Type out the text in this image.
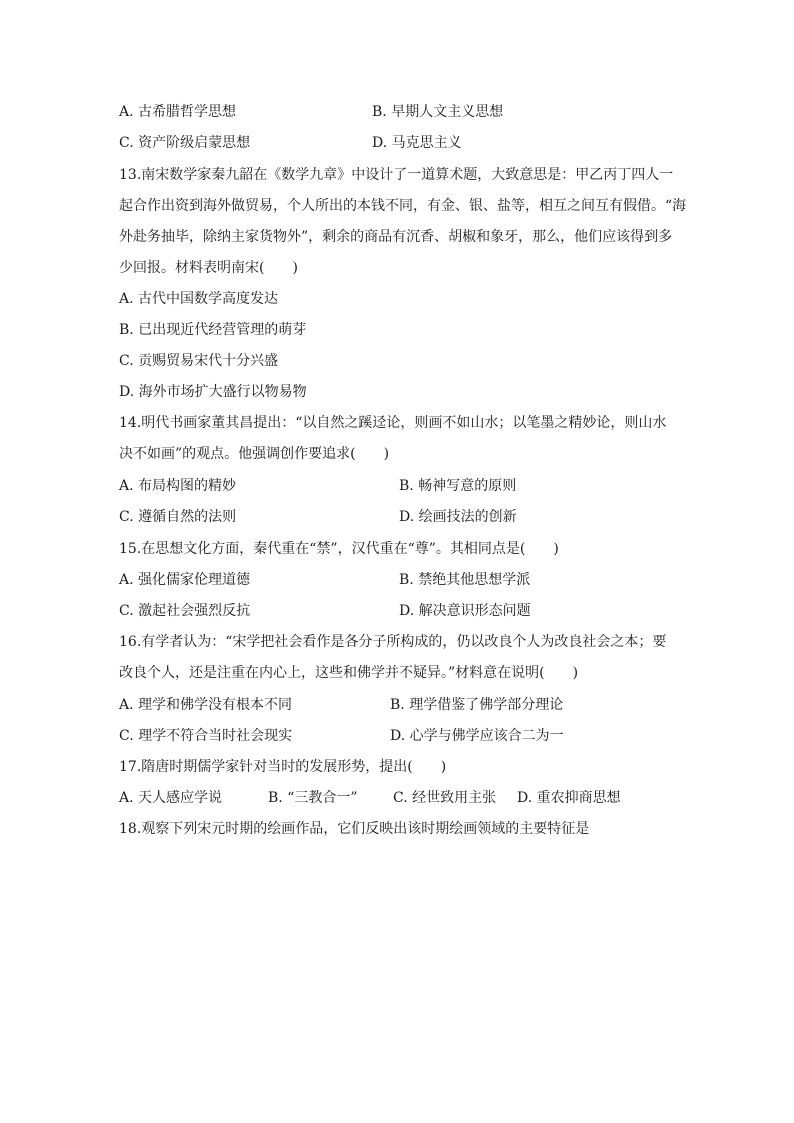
A. 古希腊哲学思想	B. 早期人文主义思想
C. 资产阶级启蒙思想	D. 马克思主义
13.南宋数学家秦九韶在《数学九章》中设计了一道算术题，大致意思是：甲乙丙丁四人一
起合作出资到海外做贸易，个人所出的本钱不同，有金、银、盐等，相互之间互有假借。“海
外赴务抽毕，除纳主家货物外”，剩余的商品有沉香、胡椒和象牙，那么，他们应该得到多
少回报。材料表明南宋(　　)
A. 古代中国数学高度发达
B. 已出现近代经营管理的萌芽
C. 贡赐贸易宋代十分兴盛
D. 海外市场扩大盛行以物易物
14.明代书画家董其昌提出：“以自然之蹊迳论，则画不如山水；以笔墨之精妙论，则山水
决不如画”的观点。他强调创作要追求(　　)
A. 布局构图的精妙	B. 畅神写意的原则
C. 遵循自然的法则	D. 绘画技法的创新
15.在思想文化方面，秦代重在“禁”，汉代重在“尊”。其相同点是(　　)
A. 强化儒家伦理道德	B. 禁绝其他思想学派
C. 激起社会强烈反抗	D. 解决意识形态问题
16.有学者认为：“宋学把社会看作是各分子所构成的，仍以改良个人为改良社会之本；要
改良个人，还是注重在内心上，这些和佛学并不疑异。”材料意在说明(　　)
A. 理学和佛学没有根本不同	B. 理学借鉴了佛学部分理论
C. 理学不符合当时社会现实	D. 心学与佛学应该合二为一
17.隋唐时期儒学家针对当时的发展形势，提出(　　)
A. 天人感应学说	B. “三教合一”	C. 经世致用主张 D. 重农抑商思想
18.观察下列宋元时期的绘画作品，它们反映出该时期绘画领域的主要特征是
